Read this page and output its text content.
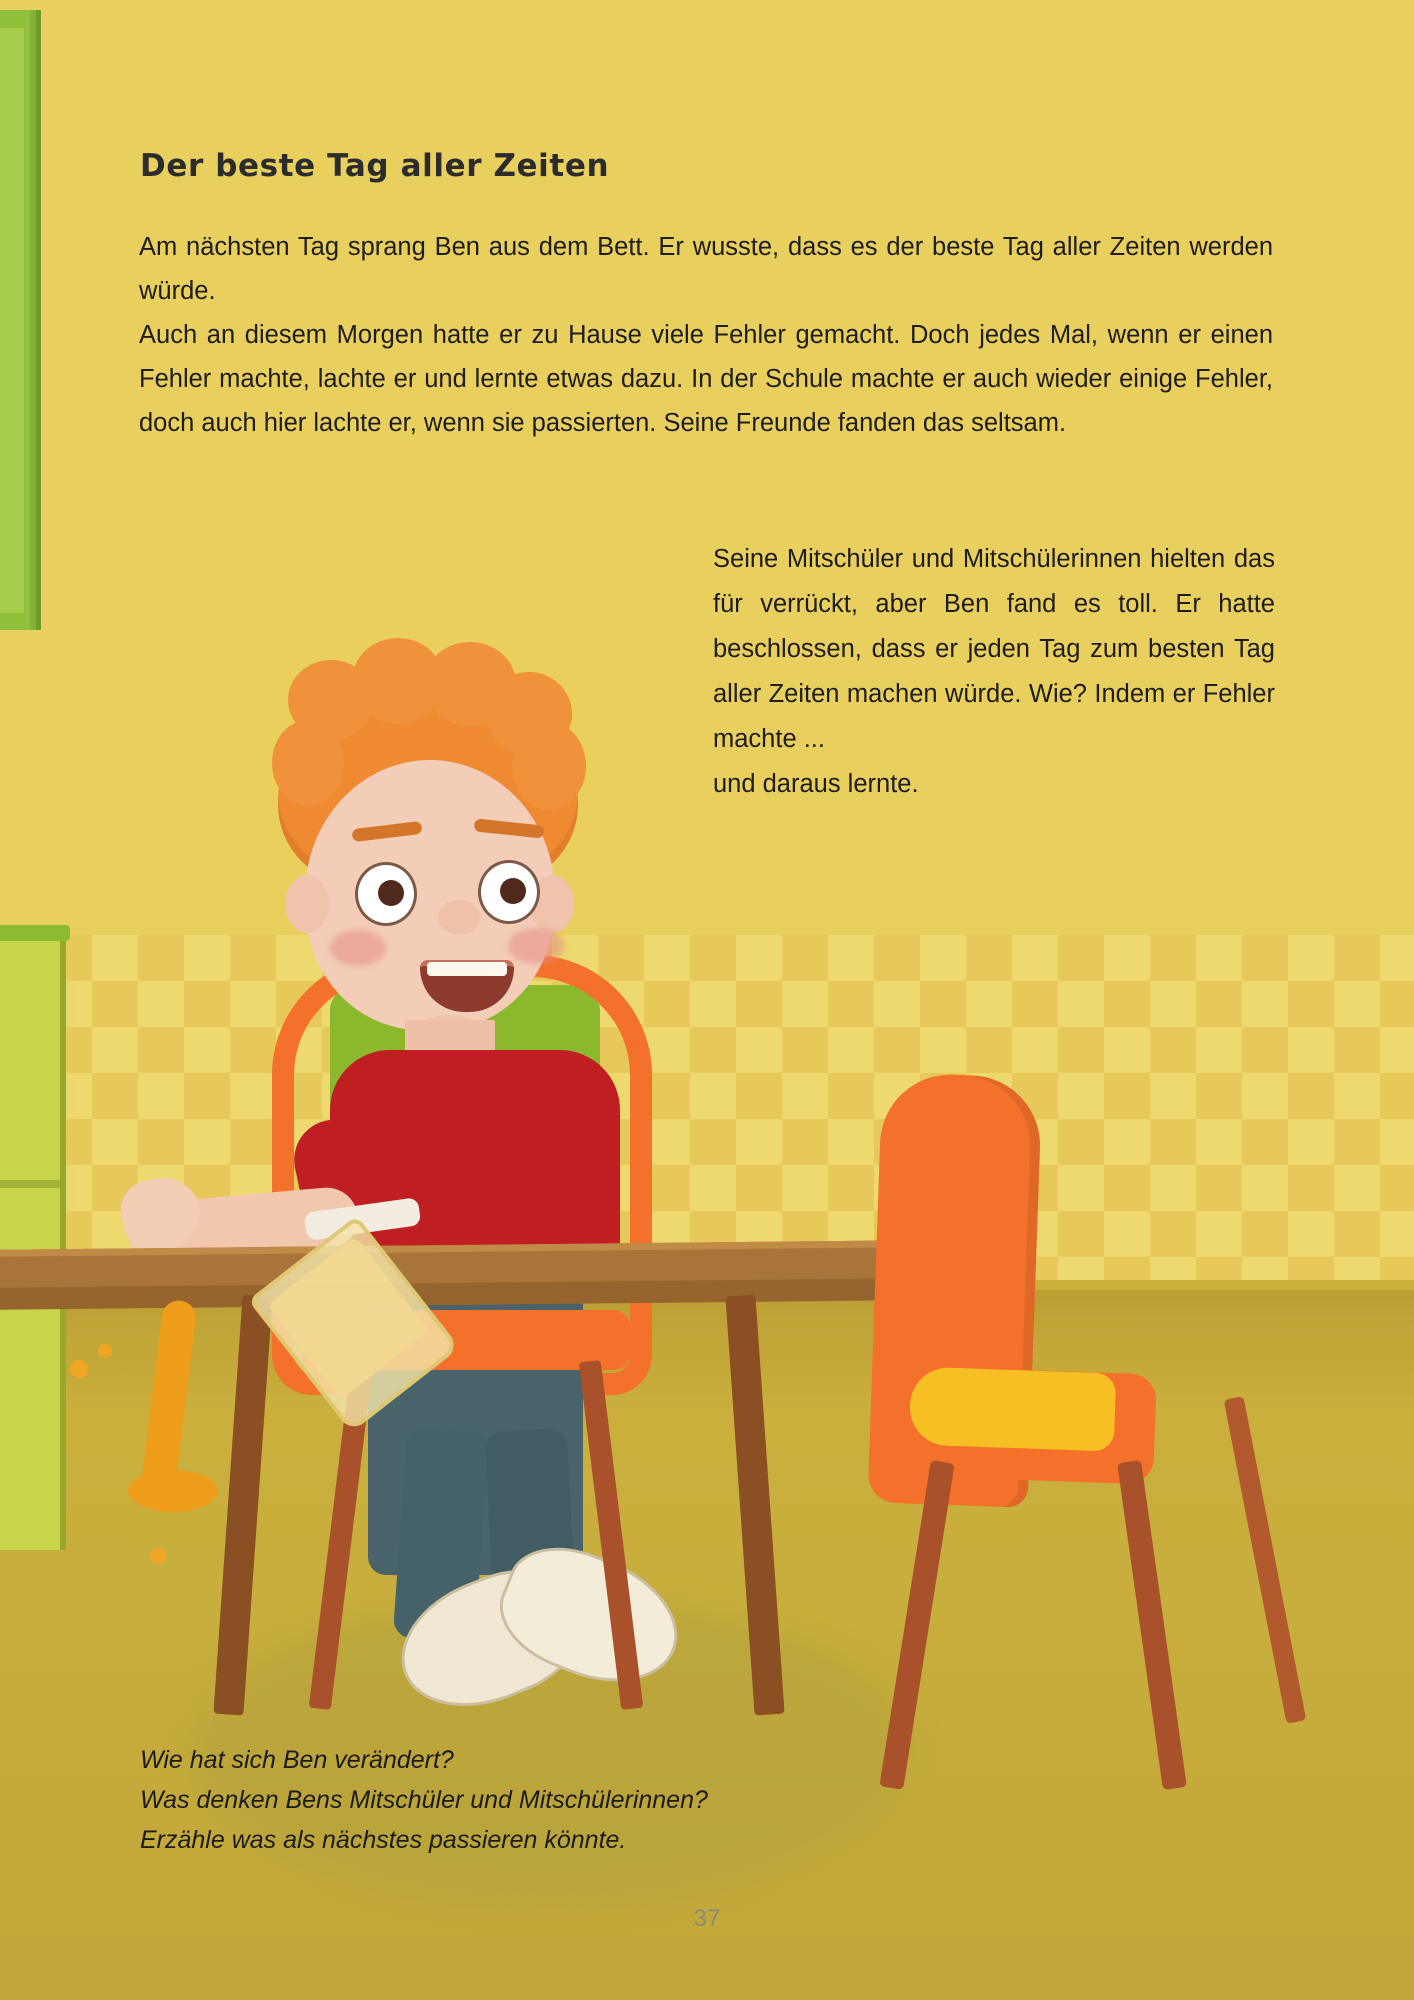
Der beste Tag aller Zeiten

Am nächsten Tag sprang Ben aus dem Bett. Er wusste, dass es der beste Tag aller Zeiten werden würde.

Auch an diesem Morgen hatte er zu Hause viele Fehler gemacht. Doch jedes Mal, wenn er einen Fehler machte, lachte er und lernte etwas dazu. In der Schule machte er auch wieder einige Fehler, doch auch hier lachte er, wenn sie passierten. Seine Freunde fanden das seltsam.

Seine Mitschüler und Mitschülerinnen hielten das für verrückt, aber Ben fand es toll. Er hatte beschlossen, dass er jeden Tag zum besten Tag aller Zeiten machen würde. Wie? Indem er Fehler machte ...

und daraus lernte.

Wie hat sich Ben verändert?

Was denken Bens Mitschüler und Mitschülerinnen?

Erzähle was als nächstes passieren könnte.

37
